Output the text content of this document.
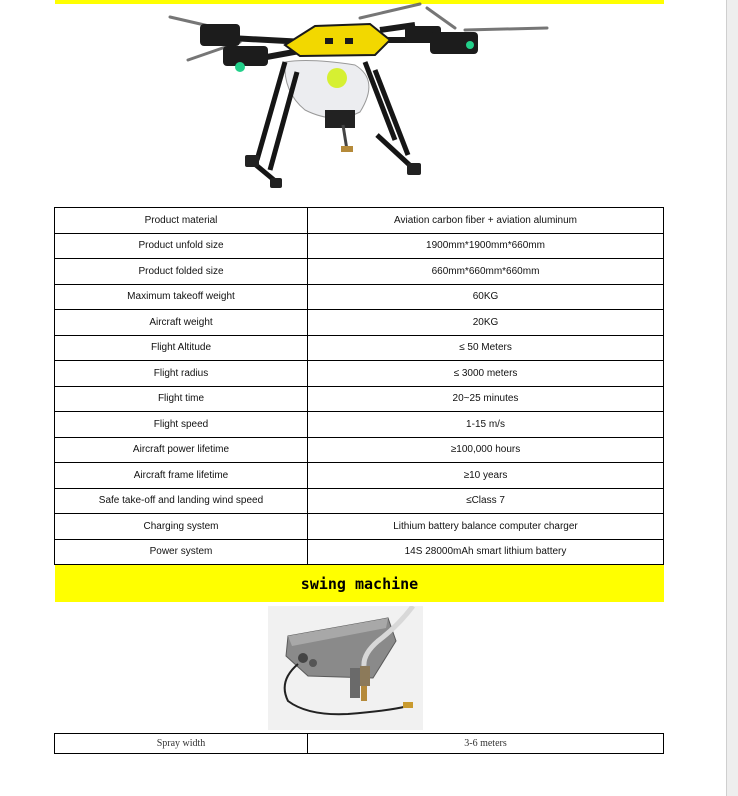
Product material	Aviation carbon fiber + aviation aluminum
Product unfold size	1900mm*1900mm*660mm
Product folded size	660mm*660mm*660mm
Maximum takeoff weight	60KG
Aircraft weight	20KG
Flight Altitude	≤ 50 Meters
Flight radius	≤ 3000 meters
Flight time	20~25 minutes
Flight speed	1-15 m/s
Aircraft power lifetime	≥100,000 hours
Aircraft frame lifetime	≥10 years
Safe take-off and landing wind speed	≤Class 7
Charging system	Lithium battery balance computer charger
Power system	14S 28000mAh smart lithium battery
swing machine
Spray width	3-6 meters
